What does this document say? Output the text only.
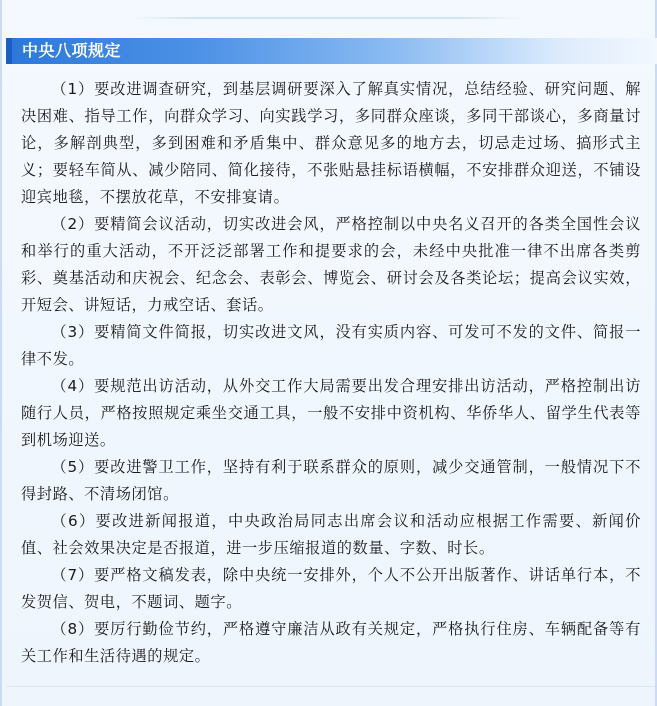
中央八项规定

（1）要改进调查研究，到基层调研要深入了解真实情况，总结经验、研究问题、解决困难、指导工作，向群众学习、向实践学习，多同群众座谈，多同干部谈心，多商量讨论，多解剖典型，多到困难和矛盾集中、群众意见多的地方去，切忌走过场、搞形式主义；要轻车简从、减少陪同、简化接待，不张贴悬挂标语横幅，不安排群众迎送，不铺设迎宾地毯，不摆放花草，不安排宴请。

（2）要精简会议活动，切实改进会风，严格控制以中央名义召开的各类全国性会议和举行的重大活动，不开泛泛部署工作和提要求的会，未经中央批准一律不出席各类剪彩、奠基活动和庆祝会、纪念会、表彰会、博览会、研讨会及各类论坛；提高会议实效，开短会、讲短话，力戒空话、套话。

（3）要精简文件简报，切实改进文风，没有实质内容、可发可不发的文件、简报一律不发。

（4）要规范出访活动，从外交工作大局需要出发合理安排出访活动，严格控制出访随行人员，严格按照规定乘坐交通工具，一般不安排中资机构、华侨华人、留学生代表等到机场迎送。

（5）要改进警卫工作，坚持有利于联系群众的原则，减少交通管制，一般情况下不得封路、不清场闭馆。

（6）要改进新闻报道，中央政治局同志出席会议和活动应根据工作需要、新闻价值、社会效果决定是否报道，进一步压缩报道的数量、字数、时长。

（7）要严格文稿发表，除中央统一安排外，个人不公开出版著作、讲话单行本，不发贺信、贺电，不题词、题字。

（8）要厉行勤俭节约，严格遵守廉洁从政有关规定，严格执行住房、车辆配备等有关工作和生活待遇的规定。
